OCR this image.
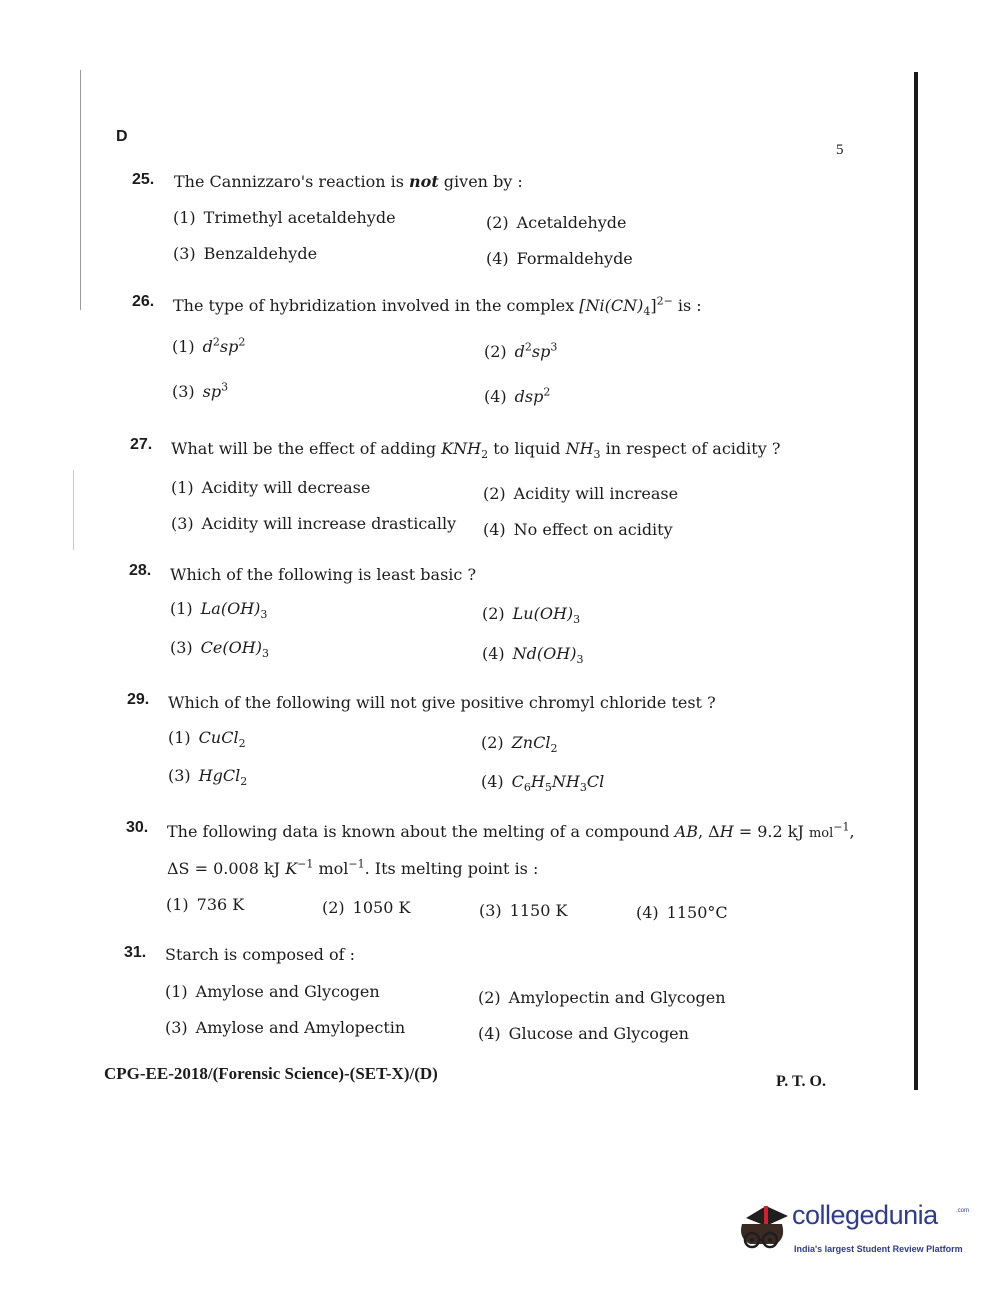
D
5
25. The Cannizzaro's reaction is not given by :
(1) Trimethyl acetaldehyde	(2) Acetaldehyde
(3) Benzaldehyde	(4) Formaldehyde
26. The type of hybridization involved in the complex $[Ni(CN)_4]^{2-}$ is :
(1) $d^2sp^2$	(2) $d^2sp^3$
(3) $sp^3$	(4) dsp$^2$
27. What will be the effect of adding $KNH_2$ to liquid $NH_3$ in respect of acidity ?
(1) Acidity will decrease	(2) Acidity will increase
(3) Acidity will increase drastically (4) No effect on acidity
28. Which of the following is least basic ?
(1) $La(OH)_3$	(2) $Lu(OH)_3$
(3) $Ce(OH)_3$	(4) $Nd(OH)_3$
29. Which of the following will not give positive chromyl chloride test ?
(1) CuCl$_2$	(2) ZnCl$_2$
(3) HgCl$_2$	(4) $C_6H_5NH_3Cl$
30. The following data is known about the melting of a compound AB, ΔH = 9.2 kJ mol$^{-1}$,
ΔS = 0.008 kJ $K^{-1}$ mol$^{-1}$. Its melting point is :
(1) 736 K	(2) 1050 K	(3) 1150 K	(4) 1150°C
31. Starch is composed of :
(1) Amylose and Glycogen	(2) Amylopectin and Glycogen
(3) Amylose and Amylopectin	(4) Glucose and Glycogen
CPG-EE-2018/(Forensic Science)-(SET-X)/(D)	P. T. O.
collegedunia	.com
India's largest Student Review Platform
